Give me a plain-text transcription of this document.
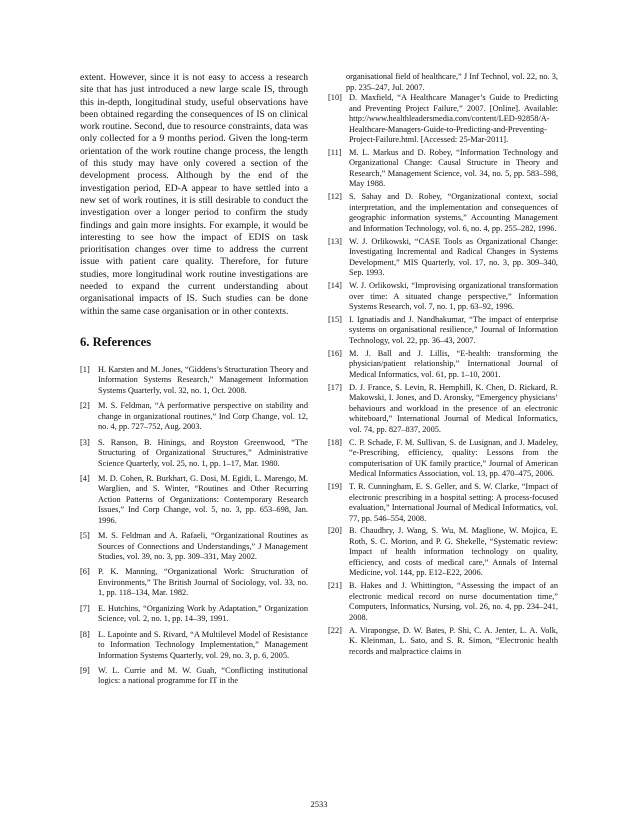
extent. However, since it is not easy to access a research site that has just introduced a new large scale IS, through this in-depth, longitudinal study, useful observations have been obtained regarding the consequences of IS on clinical work routine. Second, due to resource constraints, data was only collected for a 9 months period. Given the long-term orientation of the work routine change process, the length of this study may have only covered a section of the development process. Although by the end of the investigation period, ED-A appear to have settled into a new set of work routines, it is still desirable to conduct the investigation over a longer period to confirm the study findings and gain more insights. For example, it would be interesting to see how the impact of EDIS on task prioritisation changes over time to address the current issue with patient care quality. Therefore, for future studies, more longitudinal work routine investigations are needed to expand the current understanding about organisational impacts of IS. Such studies can be done within the same case organisation or in other contexts.

6. References
[1] H. Karsten and M. Jones, “Giddens’s Structuration Theory and Information Systems Research,” Management Information Systems Quarterly, vol. 32, no. 1, Oct. 2008.
[2] M. S. Feldman, “A performative perspective on stability and change in organizational routines,” Ind Corp Change, vol. 12, no. 4, pp. 727–752, Aug. 2003.
[3] S. Ranson, B. Hinings, and Royston Greenwood, “The Structuring of Organizational Structures,” Administrative Science Quarterly, vol. 25, no. 1, pp. 1–17, Mar. 1980.
[4] M. D. Cohen, R. Burkhart, G. Dosi, M. Egidi, L. Marengo, M. Warglien, and S. Winter, “Routines and Other Recurring Action Patterns of Organizations: Contemporary Research Issues,” Ind Corp Change, vol. 5, no. 3, pp. 653–698, Jan. 1996.
[5] M. S. Feldman and A. Rafaeli, “Organizational Routines as Sources of Connections and Understandings,” J Management Studies, vol. 39, no. 3, pp. 309–331, May 2002.
[6] P. K. Manning, “Organizational Work: Structuration of Environments,” The British Journal of Sociology, vol. 33, no. 1, pp. 118–134, Mar. 1982.
[7] E. Hutchins, “Organizing Work by Adaptation,” Organization Science, vol. 2, no. 1, pp. 14–39, 1991.
[8] L. Lapointe and S. Rivard, “A Multilevel Model of Resistance to Information Technology Implementation,” Management Information Systems Quarterly, vol. 29, no. 3, p. 6, 2005.
[9] W. L. Currie and M. W. Guah, “Conflicting institutional logics: a national programme for IT in the
organisational field of healthcare,” J Inf Technol, vol. 22, no. 3, pp. 235–247, Jul. 2007.
[10] D. Maxfield, “A Healthcare Manager’s Guide to Predicting and Preventing Project Failure,” 2007. [Online]. Available: http://www.healthleadersmedia.com/content/LED-92858/A-Healthcare-Managers-Guide-to-Predicting-and-Preventing-Project-Failure.html. [Accessed: 25-Mar-2011].
[11] M. L. Markus and D. Robey, “Information Technology and Organizational Change: Causal Structure in Theory and Research,” Management Science, vol. 34, no. 5, pp. 583–598, May 1988.
[12] S. Sahay and D. Robey, “Organizational context, social interpretation, and the implementation and consequences of geographic information systems,” Accounting Management and Information Technology, vol. 6, no. 4, pp. 255–282, 1996.
[13] W. J. Orlikowski, “CASE Tools as Organizational Change: Investigating Incremental and Radical Changes in Systems Development,” MIS Quarterly, vol. 17, no. 3, pp. 309–340, Sep. 1993.
[14] W. J. Orlikowski, “Improvising organizational transformation over time: A situated change perspective,” Information Systems Research, vol. 7, no. 1, pp. 63–92, 1996.
[15] I. Ignatiadis and J. Nandhakumar, “The impact of enterprise systems on organisational resilience,” Journal of Information Technology, vol. 22, pp. 36–43, 2007.
[16] M. J. Ball and J. Lillis, “E-health: transforming the physician/patient relationship,” International Journal of Medical Informatics, vol. 61, pp. 1–10, 2001.
[17] D. J. France, S. Levin, R. Hemphill, K. Chen, D. Rickard, R. Makowski, I. Jones, and D. Aronsky, “Emergency physicians’ behaviours and workload in the presence of an electronic whiteboard,” International Journal of Medical Informatics, vol. 74, pp. 827–837, 2005.
[18] C. P. Schade, F. M. Sullivan, S. de Lusignan, and J. Madeley, “e-Prescribing, efficiency, quality: Lessons from the computerisation of UK family practice,” Journal of American Medical Informatics Association, vol. 13, pp. 470–475, 2006.
[19] T. R. Cunningham, E. S. Geller, and S. W. Clarke, “Impact of electronic prescribing in a hospital setting: A process-focused evaluation,” International Journal of Medical Informatics, vol. 77, pp. 546–554, 2008.
[20] B. Chaudhry, J. Wang, S. Wu, M. Maglione, W. Mojica, E. Roth, S. C. Morton, and P. G. Shekelle, “Systematic review: Impact of health information technology on quality, efficiency, and costs of medical care,” Annals of Internal Medicine, vol. 144, pp. E12–E22, 2006.
[21] B. Hakes and J. Whittington, “Assessing the impact of an electronic medical record on nurse documentation time,” Computers, Informatics, Nursing, vol. 26, no. 4, pp. 234–241, 2008.
[22] A. Virapongse, D. W. Bates, P. Shi, C. A. Jenter, L. A. Volk, K. Kleinman, L. Sato, and S. R. Simon, “Electronic health records and malpractice claims in
2533
